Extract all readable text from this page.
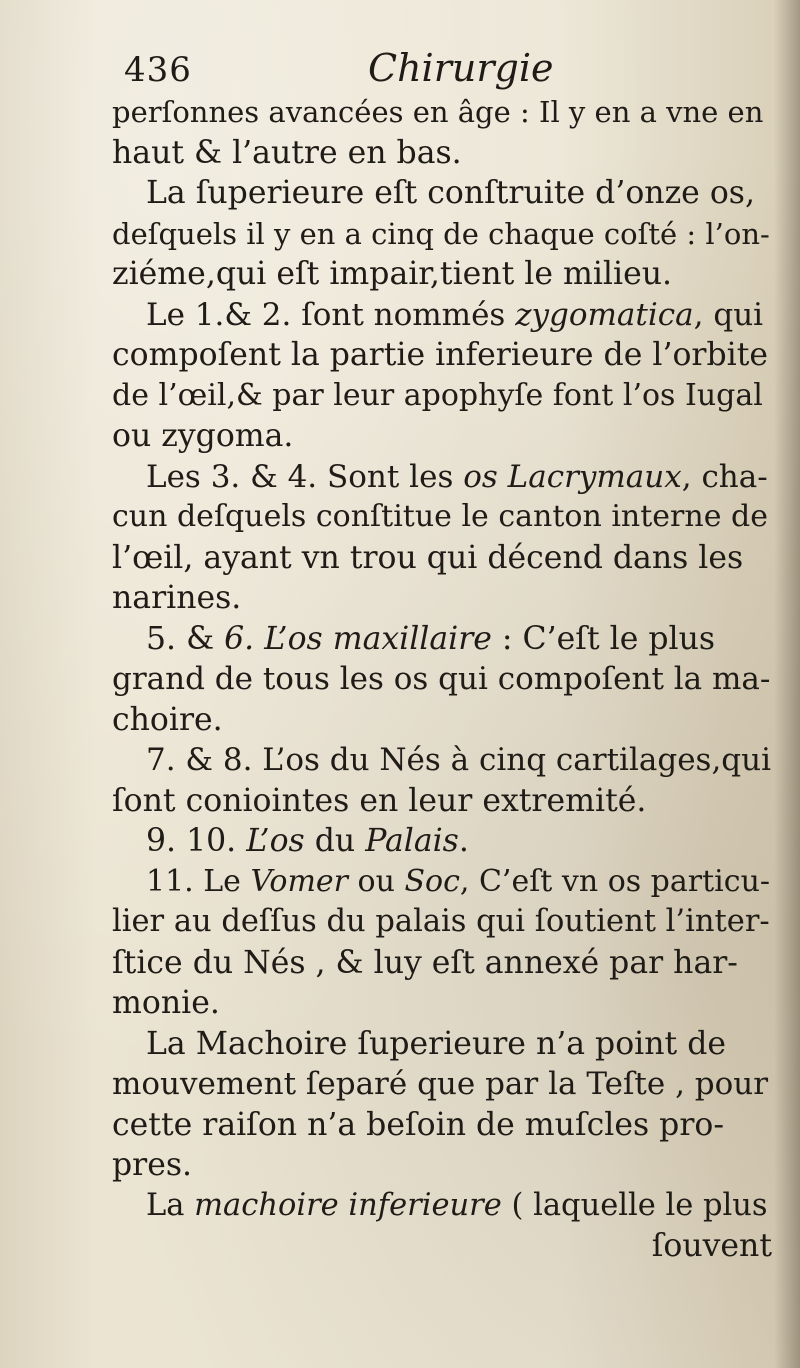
436	Chirurgie
perſonnes avancées en âge : Il y en a vne en
haut & l’autre en bas.
La ſuperieure eſt conſtruite d’onze os,
deſquels il y en a cinq de chaque coſté : l’on-
ziéme,qui eſt impair,tient le milieu.
Le 1.& 2. ſont nommés zygomatica, qui
compoſent la partie inferieure de l’orbite
de l’œil,& par leur apophyſe font l’os Iugal
ou zygoma.
Les 3. & 4. Sont les os Lacrymaux, cha-
cun deſquels conſtitue le canton interne de
l’œil, ayant vn trou qui décend dans les
narines.
5. & 6. L’os maxillaire : C’eſt le plus
grand de tous les os qui compoſent la ma-
choire.
7. & 8. L’os du Nés à cinq cartilages,qui
ſont coniointes en leur extremité.
9. 10. L’os du Palais.
11. Le Vomer ou Soc, C’eſt vn os particu-
lier au deſſus du palais qui ſoutient l’inter-
ſtice du Nés , & luy eſt annexé par har-
monie.
La Machoire ſuperieure n’a point de
mouvement ſeparé que par la Teſte , pour
cette raiſon n’a beſoin de muſcles pro-
pres.
La machoire inferieure ( laquelle le plus
ſouvent
